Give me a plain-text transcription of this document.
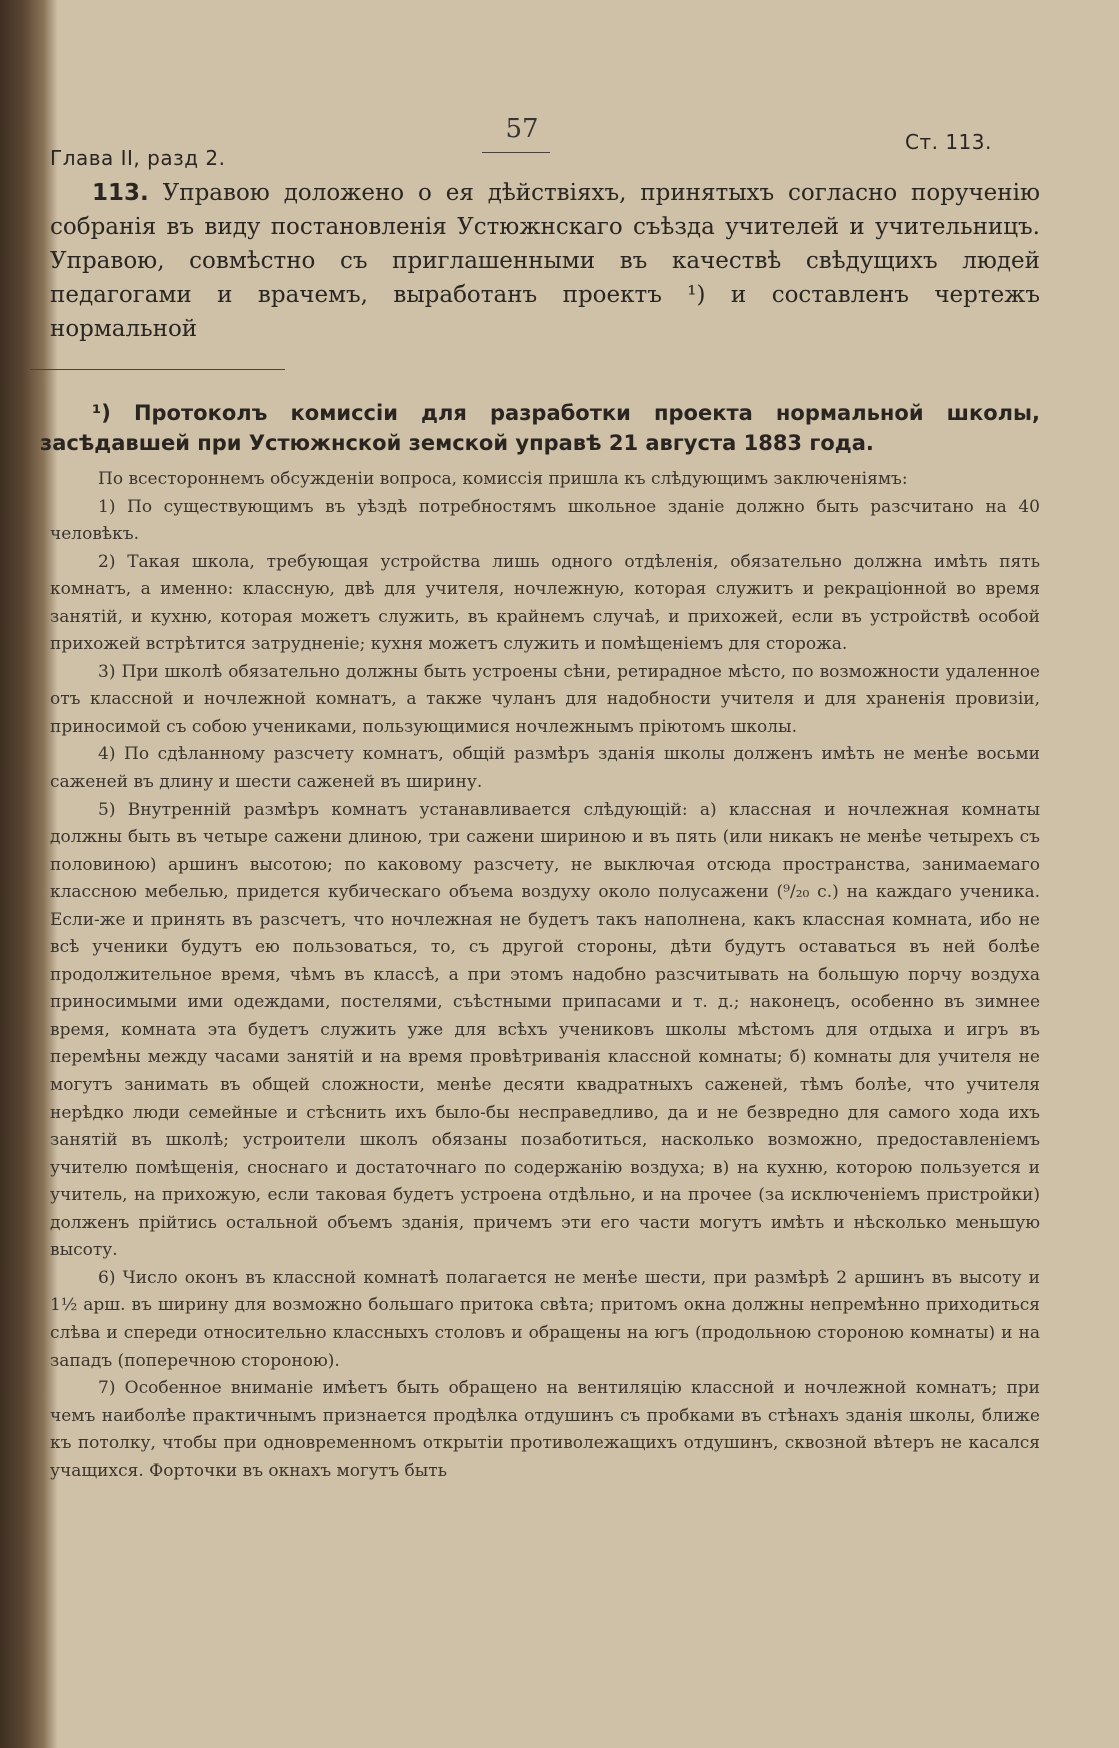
Глава II, разд 2.
57	Ст. 113.

113. Управою доложено о ея дѣйствіяхъ, принятыхъ согласно порученію собранія въ виду постановленія Устюжнскаго съѣзда учителей и учительницъ. Управою, совмѣстно съ приглашенными въ качествѣ свѣдущихъ людей педагогами и врачемъ, выработанъ проектъ ¹) и составленъ чертежъ нормальной

¹) Протоколъ комиссіи для разработки проекта нормальной школы, засѣдавшей при Устюжнской земской управѣ 21 августа 1883 года.

По всестороннемъ обсужденіи вопроса, комиссія пришла къ слѣдующимъ заключеніямъ:

1) По существующимъ въ уѣздѣ потребностямъ школьное зданіе должно быть разсчитано на 40 человѣкъ.

2) Такая школа, требующая устройства лишь одного отдѣленія, обязательно должна имѣть пять комнатъ, а именно: классную, двѣ для учителя, ночлежную, которая служитъ и рекраціонной во время занятій, и кухню, которая можетъ служить, въ крайнемъ случаѣ, и прихожей, если въ устройствѣ особой прихожей встрѣтится затрудненіе; кухня можетъ служить и помѣщеніемъ для сторожа.

3) При школѣ обязательно должны быть устроены сѣни, ретирадное мѣсто, по возможности удаленное отъ классной и ночлежной комнатъ, а также чуланъ для надобности учителя и для храненія провизіи, приносимой съ собою учениками, пользующимися ночлежнымъ пріютомъ школы.

4) По сдѣланному разсчету комнатъ, общій размѣръ зданія школы долженъ имѣть не менѣе восьми саженей въ длину и шести саженей въ ширину.

5) Внутренній размѣръ комнатъ устанавливается слѣдующій: а) классная и ночлежная комнаты должны быть въ четыре сажени длиною, три сажени шириною и въ пять (или никакъ не менѣе четырехъ съ половиною) аршинъ высотою; по каковому разсчету, не выключая отсюда пространства, занимаемаго классною мебелью, придется кубическаго объема воздуху около полусажени (⁹/₂₀ с.) на каждаго ученика. Если-же и принять въ разсчетъ, что ночлежная не будетъ такъ наполнена, какъ классная комната, ибо не всѣ ученики будутъ ею пользоваться, то, съ другой стороны, дѣти будутъ оставаться въ ней болѣе продолжительное время, чѣмъ въ классѣ, а при этомъ надобно разсчитывать на большую порчу воздуха приносимыми ими одеждами, постелями, съѣстными припасами и т. д.; наконецъ, особенно въ зимнее время, комната эта будетъ служить уже для всѣхъ учениковъ школы мѣстомъ для отдыха и игръ въ перемѣны между часами занятій и на время провѣтриванія классной комнаты; б) комнаты для учителя не могутъ занимать въ общей сложности, менѣе десяти квадратныхъ саженей, тѣмъ болѣе, что учителя нерѣдко люди семейные и стѣснить ихъ было-бы несправедливо, да и не безвредно для самого хода ихъ занятій въ школѣ; устроители школъ обязаны позаботиться, насколько возможно, предоставленіемъ учителю помѣщенія, сноснаго и достаточнаго по содержанію воздуха; в) на кухню, которою пользуется и учитель, на прихожую, если таковая будетъ устроена отдѣльно, и на прочее (за исключеніемъ пристройки) долженъ прійтись остальной объемъ зданія, причемъ эти его части могутъ имѣть и нѣсколько меньшую высоту.

6) Число оконъ въ классной комнатѣ полагается не менѣе шести, при размѣрѣ 2 аршинъ въ высоту и 1½ арш. въ ширину для возможно большаго притока свѣта; притомъ окна должны непремѣнно приходиться слѣва и спереди относительно классныхъ столовъ и обращены на югъ (продольною стороною комнаты) и на западъ (поперечною стороною).

7) Особенное вниманіе имѣетъ быть обращено на вентиляцію классной и ночлежной комнатъ; при чемъ наиболѣе практичнымъ признается продѣлка отдушинъ съ пробками въ стѣнахъ зданія школы, ближе къ потолку, чтобы при одновременномъ открытіи противолежащихъ отдушинъ, сквозной вѣтеръ не касался учащихся. Форточки въ окнахъ могутъ быть
